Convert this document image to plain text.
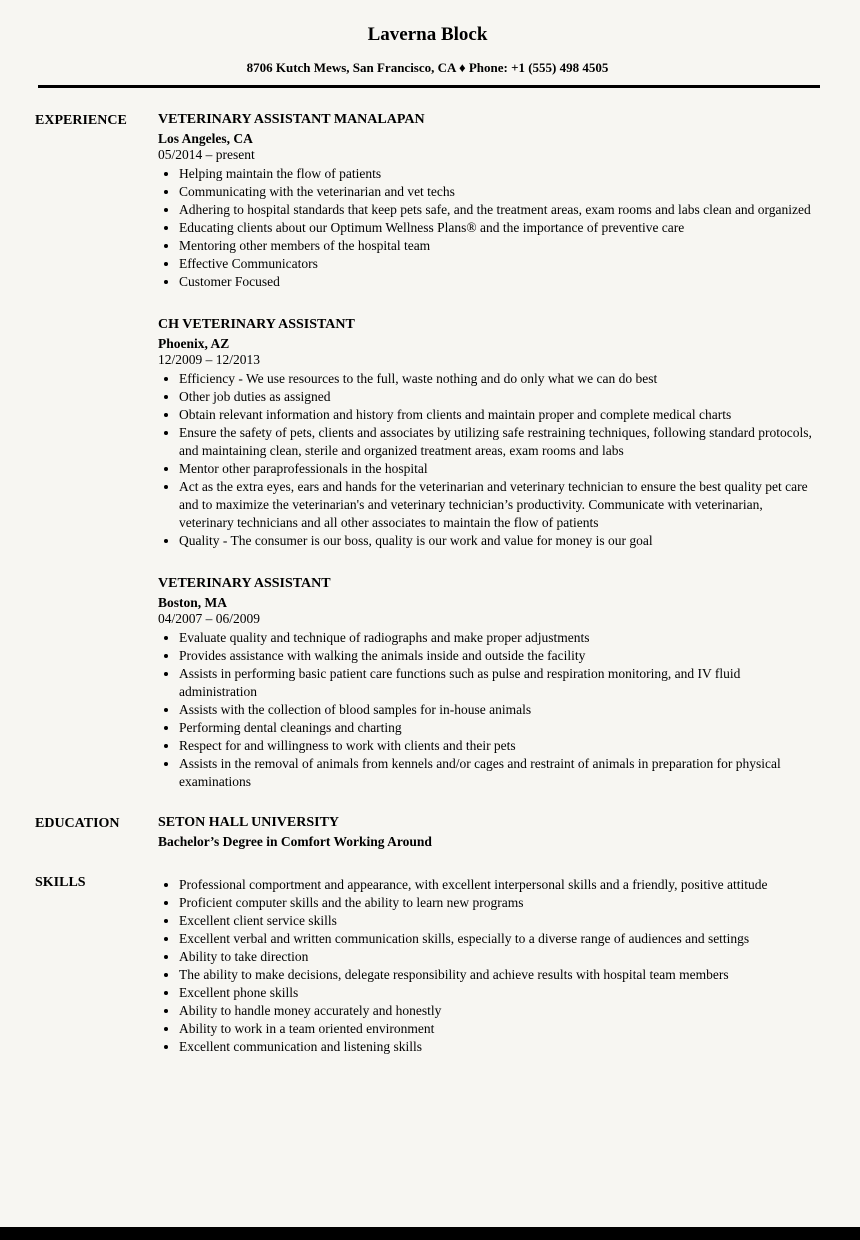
Laverna Block
8706 Kutch Mews, San Francisco, CA ♦ Phone: +1 (555) 498 4505
EXPERIENCE	VETERINARY ASSISTANT MANALAPAN
Los Angeles, CA
05/2014 – present
• Helping maintain the flow of patients
• Communicating with the veterinarian and vet techs
• Adhering to hospital standards that keep pets safe, and the treatment areas, exam rooms and labs clean and organized
• Educating clients about our Optimum Wellness Plans® and the importance of preventive care
• Mentoring other members of the hospital team
• Effective Communicators
• Customer Focused
CH VETERINARY ASSISTANT
Phoenix, AZ
12/2009 – 12/2013
• Efficiency - We use resources to the full, waste nothing and do only what we can do best
• Other job duties as assigned
• Obtain relevant information and history from clients and maintain proper and complete medical charts
• Ensure the safety of pets, clients and associates by utilizing safe restraining techniques, following standard protocols, and maintaining clean, sterile and organized treatment areas, exam rooms and labs
• Mentor other paraprofessionals in the hospital
• Act as the extra eyes, ears and hands for the veterinarian and veterinary technician to ensure the best quality pet care and to maximize the veterinarian's and veterinary technician’s productivity. Communicate with veterinarian, veterinary technicians and all other associates to maintain the flow of patients
• Quality - The consumer is our boss, quality is our work and value for money is our goal
VETERINARY ASSISTANT
Boston, MA
04/2007 – 06/2009
• Evaluate quality and technique of radiographs and make proper adjustments
• Provides assistance with walking the animals inside and outside the facility
• Assists in performing basic patient care functions such as pulse and respiration monitoring, and IV fluid administration
• Assists with the collection of blood samples for in-house animals
• Performing dental cleanings and charting
• Respect for and willingness to work with clients and their pets
• Assists in the removal of animals from kennels and/or cages and restraint of animals in preparation for physical examinations
EDUCATION	SETON HALL UNIVERSITY
Bachelor’s Degree in Comfort Working Around
SKILLS	• Professional comportment and appearance, with excellent interpersonal skills and a friendly, positive attitude
• Proficient computer skills and the ability to learn new programs
• Excellent client service skills
• Excellent verbal and written communication skills, especially to a diverse range of audiences and settings
• Ability to take direction
• The ability to make decisions, delegate responsibility and achieve results with hospital team members
• Excellent phone skills
• Ability to handle money accurately and honestly
• Ability to work in a team oriented environment
• Excellent communication and listening skills
